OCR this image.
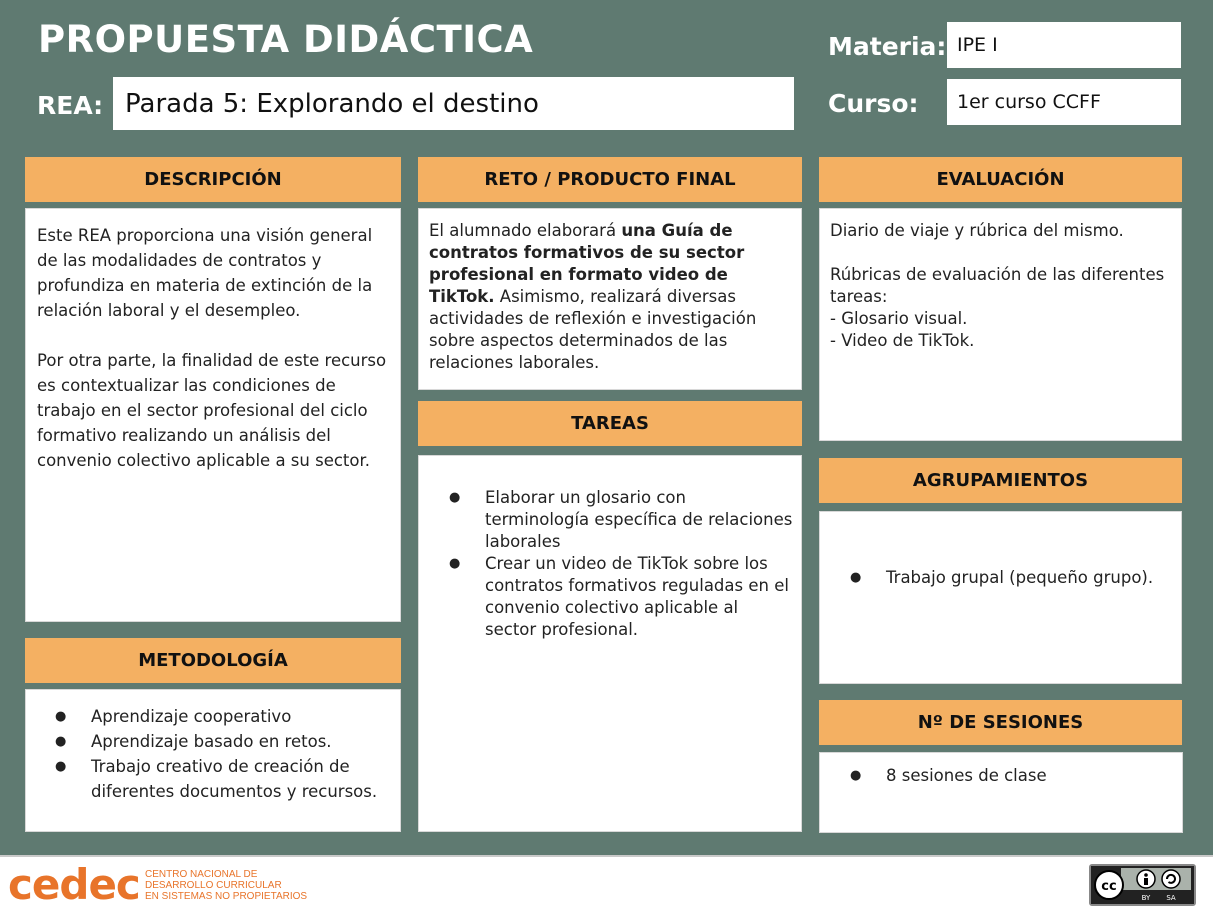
PROPUESTA DIDÁCTICA	Materia: IPE I
REA: Parada 5: Explorando el destino	Curso:	1er curso CCFF
DESCRIPCIÓN

Este REA proporciona una visión general de las modalidades de contratos y profundiza en materia de extinción de la relación laboral y el desempleo.

Por otra parte, la finalidad de este recurso es contextualizar las condiciones de trabajo en el sector profesional del ciclo formativo realizando un análisis del convenio colectivo aplicable a su sector.

METODOLOGÍA
● Aprendizaje cooperativo
● Aprendizaje basado en retos.
● Trabajo creativo de creación de diferentes documentos y recursos.
RETO / PRODUCTO FINAL

El alumnado elaborará una Guía de contratos formativos de su sector profesional en formato video de TikTok. Asimismo, realizará diversas actividades de reflexión e investigación sobre aspectos determinados de las relaciones laborales.

TAREAS
● Elaborar un glosario con terminología específica de relaciones laborales
● Crear un video de TikTok sobre los contratos formativos reguladas en el convenio colectivo aplicable al sector profesional.
EVALUACIÓN

Diario de viaje y rúbrica del mismo.

Rúbricas de evaluación de las diferentes tareas:

- Glosario visual.

- Video de TikTok.

AGRUPAMIENTOS
● Trabajo grupal (pequeño grupo).
Nº DE SESIONES
● 8 sesiones de clase
cedec CENTRO NACIONAL DE
DESARROLLO CURRICULAR
EN SISTEMAS NO PROPIETARIOS
cc
BY SA
